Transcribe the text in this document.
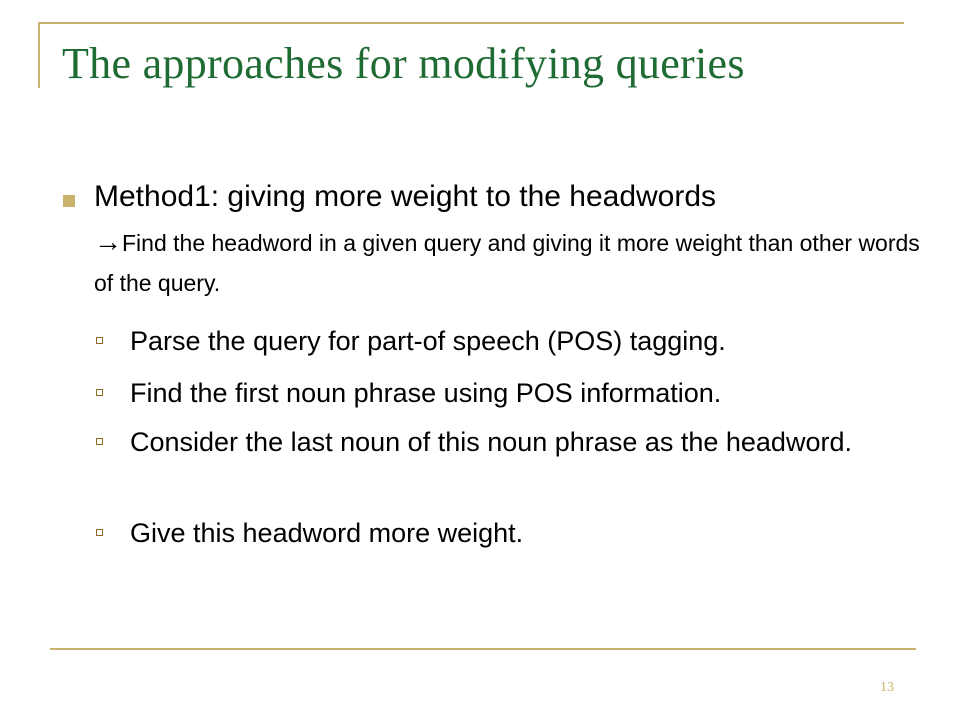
The approaches for modifying queries
Method1: giving more weight to the headwords
→Find the headword in a given query and giving it more weight than other words of the query.
Parse the query for part-of speech (POS) tagging.
Find the first noun phrase using POS information.
Consider the last noun of this noun phrase as the headword.
Give this headword more weight.
13
